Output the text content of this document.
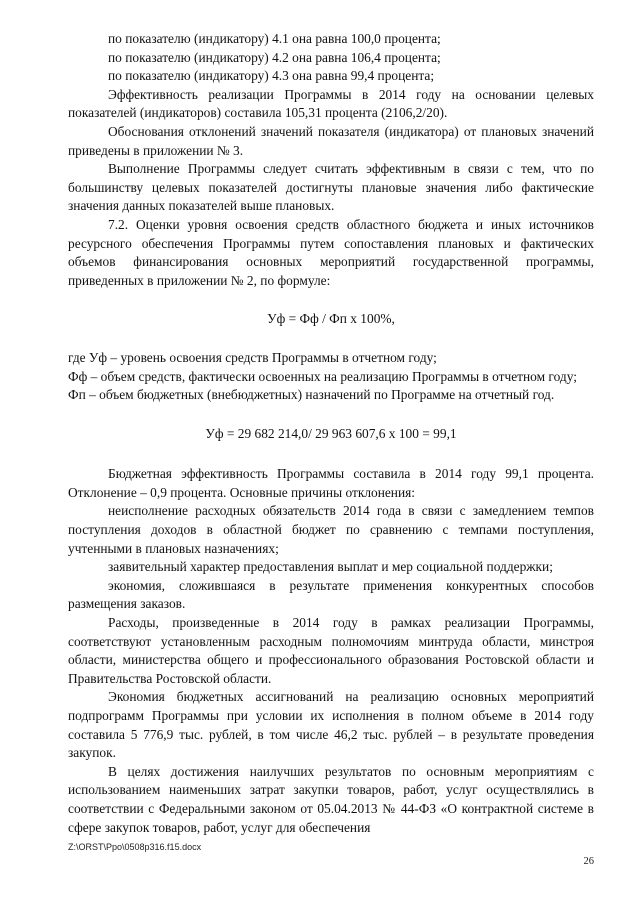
по показателю (индикатору) 4.1 она равна 100,0 процента;

по показателю (индикатору) 4.2 она равна 106,4 процента;

по показателю (индикатору) 4.3 она равна 99,4 процента;

Эффективность реализации Программы в 2014 году на основании целевых показателей (индикаторов) составила 105,31 процента (2106,2/20).

Обоснования отклонений значений показателя (индикатора) от плановых значений приведены в приложении № 3.

Выполнение Программы следует считать эффективным в связи с тем, что по большинству целевых показателей достигнуты плановые значения либо фактические значения данных показателей выше плановых.

7.2. Оценки уровня освоения средств областного бюджета и иных источников ресурсного обеспечения Программы путем сопоставления плановых и фактических объемов финансирования основных мероприятий государственной программы, приведенных в приложении № 2, по формуле:

Уф = Фф / Фп х 100%,

где Уф – уровень освоения средств Программы в отчетном году;

Фф – объем средств, фактически освоенных на реализацию Программы в отчетном году;

Фп – объем бюджетных (внебюджетных) назначений по Программе на отчетный год.

Уф = 29 682 214,0/ 29 963 607,6 х 100 = 99,1

Бюджетная эффективность Программы составила в 2014 году 99,1 процента. Отклонение – 0,9 процента. Основные причины отклонения:

неисполнение расходных обязательств 2014 года в связи с замедлением темпов поступления доходов в областной бюджет по сравнению с темпами поступления, учтенными в плановых назначениях;

заявительный характер предоставления выплат и мер социальной поддержки;

экономия, сложившаяся в результате применения конкурентных способов размещения заказов.

Расходы, произведенные в 2014 году в рамках реализации Программы, соответствуют установленным расходным полномочиям минтруда области, минстроя области, министерства общего и профессионального образования Ростовской области и Правительства Ростовской области.

Экономия бюджетных ассигнований на реализацию основных мероприятий подпрограмм Программы при условии их исполнения в полном объеме в 2014 году составила 5 776,9 тыс. рублей, в том числе 46,2 тыс. рублей – в результате проведения закупок.

В целях достижения наилучших результатов по основным мероприятиям с использованием наименьших затрат закупки товаров, работ, услуг осуществлялись в соответствии с Федеральными законом от 05.04.2013 № 44-ФЗ «О контрактной системе в сфере закупок товаров, работ, услуг для обеспечения

Z:\ORST\Ppo\0508p316.f15.docx
26
